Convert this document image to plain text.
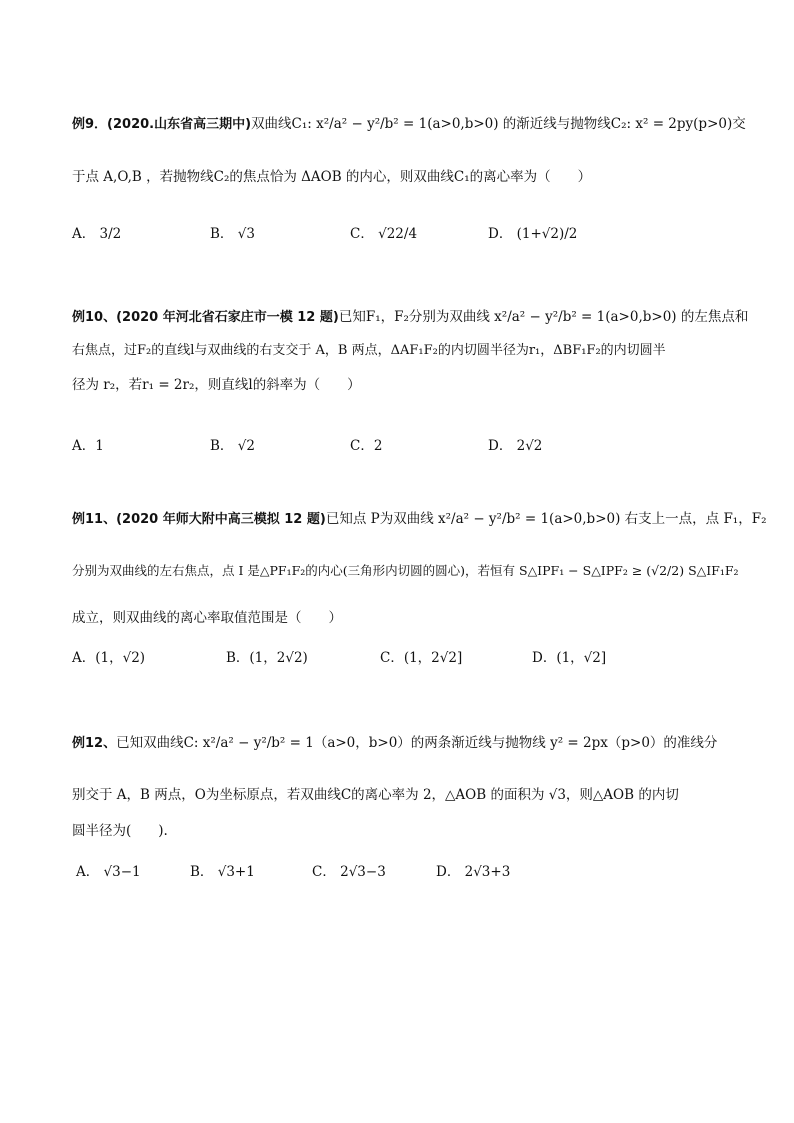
例9．(2020.山东省高三期中)双曲线C₁: x²/a² − y²/b² = 1(a>0,b>0) 的渐近线与抛物线C₂: x² = 2py(p>0)交
于点 A,O,B ，若抛物线C₂的焦点恰为 ΔAOB 的内心，则双曲线C₁的离心率为（　　）
A． 3/2	B． √3	C． √22/4	D． (1+√2)/2
例10、(2020 年河北省石家庄市一模 12 题)已知F₁，F₂分别为双曲线 x²/a² − y²/b² = 1(a>0,b>0) 的左焦点和
右焦点，过F₂的直线l与双曲线的右支交于 A，B 两点，ΔAF₁F₂的内切圆半径为r₁，ΔBF₁F₂的内切圆半
径为 r₂，若r₁ = 2r₂，则直线l的斜率为（　　）
A．1	B． √2	C．2	D． 2√2
例11、(2020 年师大附中高三模拟 12 题)已知点 P为双曲线 x²/a² − y²/b² = 1(a>0,b>0) 右支上一点，点 F₁，F₂
分别为双曲线的左右焦点，点 I 是△PF₁F₂的内心(三角形内切圆的圆心)，若恒有 S△IPF₁ − S△IPF₂ ≥ (√2/2) S△IF₁F₂
成立，则双曲线的离心率取值范围是（　　）
A．(1，√2)	B．(1，2√2)	C．(1，2√2]	D．(1，√2]
例12、已知双曲线C: x²/a² − y²/b² = 1（a>0，b>0）的两条渐近线与抛物线 y² = 2px（p>0）的准线分
别交于 A，B 两点，O为坐标原点，若双曲线C的离心率为 2，△AOB 的面积为 √3，则△AOB 的内切
圆半径为(　　).
A． √3−1	B． √3+1	C． 2√3−3	D． 2√3+3
